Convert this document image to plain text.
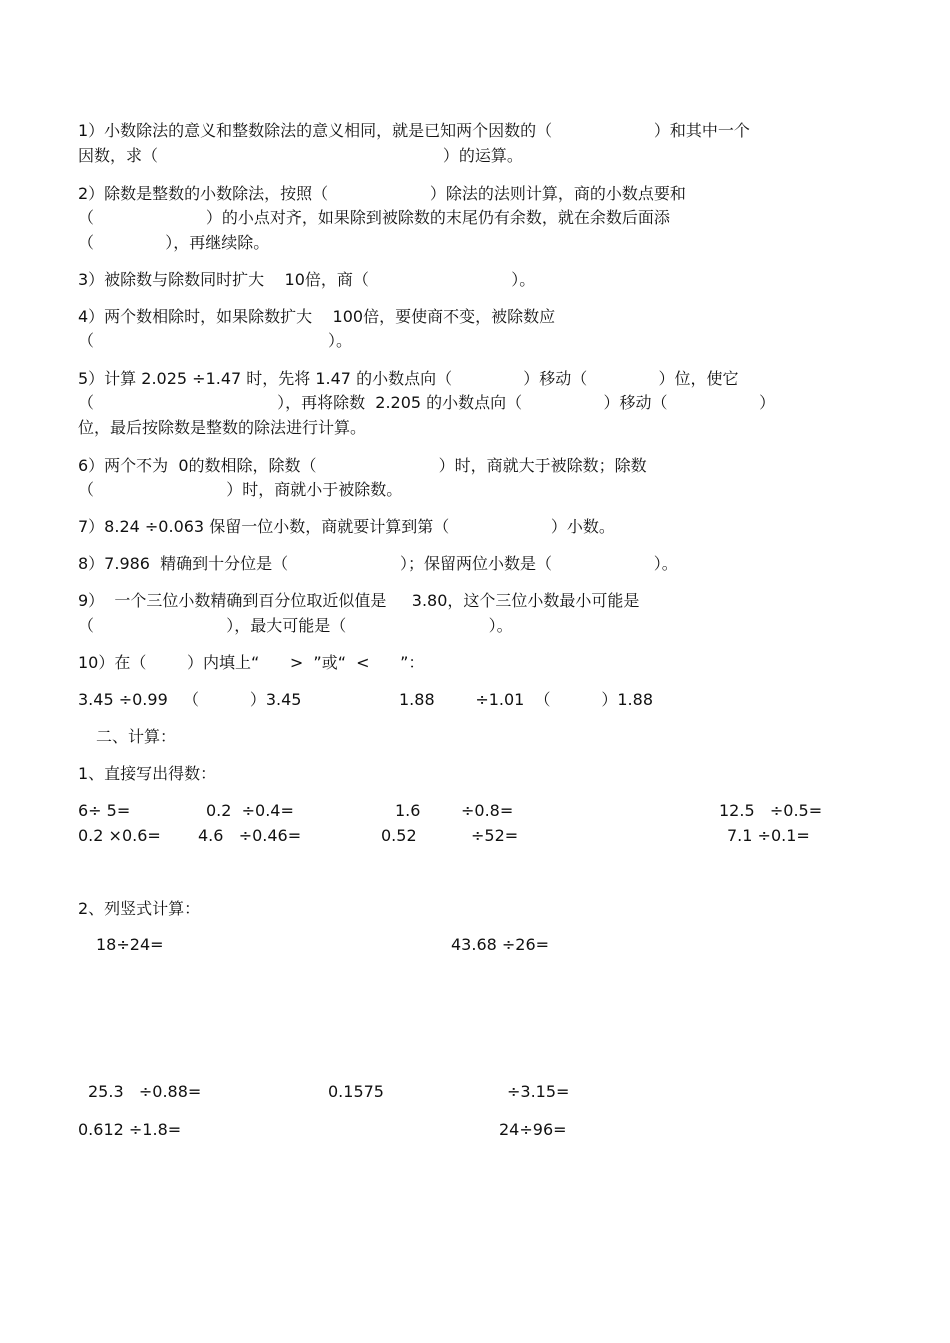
1）小数除法的意义和整数除法的意义相同，就是已知两个因数的（                    ）和其中一个
因数，求（                                                        ）的运算。
2）除数是整数的小数除法，按照（                    ）除法的法则计算，商的小数点要和
（                      ）的小点对齐，如果除到被除数的末尾仍有余数，就在余数后面添
（              ），再继续除。
3）被除数与除数同时扩大    10倍，商（                            ）。
4）两个数相除时，如果除数扩大    100倍，要使商不变，被除数应
（                                              ）。
5）计算 2.025 ÷1.47 时，先将 1.47 的小数点向（              ）移动（              ）位，使它
（                                    ），再将除数  2.205 的小数点向（                ）移动（                  ）
位，最后按除数是整数的除法进行计算。
6）两个不为  0的数相除，除数（                        ）时，商就大于被除数；除数
（                          ）时，商就小于被除数。
7）8.24 ÷0.063 保留一位小数，商就要计算到第（                    ）小数。
8）7.986  精确到十分位是（                      ）；保留两位小数是（                    ）。
9）  一个三位小数精确到百分位取近似值是     3.80，这个三位小数最小可能是
（                          ），最大可能是（                            ）。
10）在（        ）内填上“      >  ”或“  <      ”：
3.45 ÷0.99   （          ）3.45	1.88        ÷1.01  （          ）1.88
二、计算：
1、直接写出得数：
6÷ 5=	0.2  ÷0.4=	1.6	÷0.8=	12.5   ÷0.5=
0.2 ×0.6= 4.6   ÷0.46=	0.52	÷52=	7.1 ÷0.1=
2、列竖式计算：
18÷24=	43.68 ÷26=
25.3   ÷0.88=	0.1575	÷3.15=
0.612 ÷1.8=	24÷96=
